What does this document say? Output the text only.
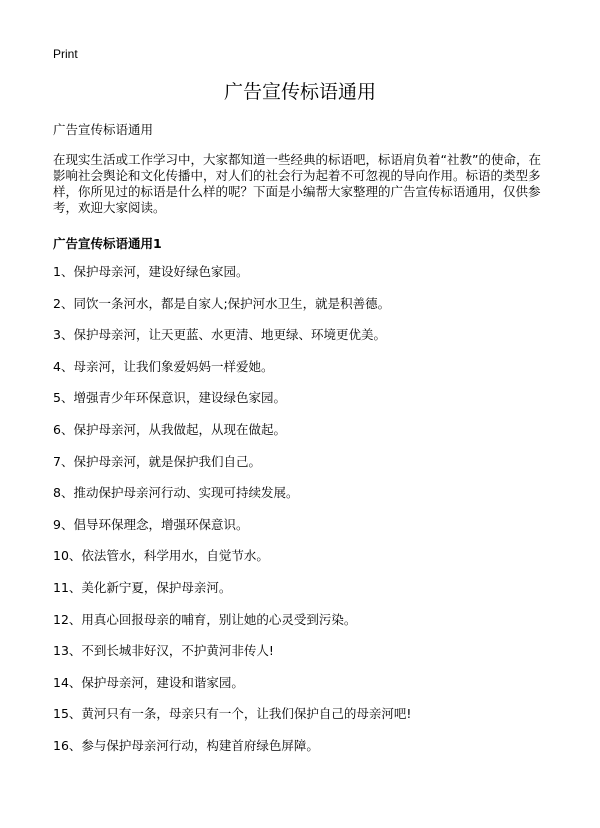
Print
广告宣传标语通用
广告宣传标语通用

在现实生活或工作学习中，大家都知道一些经典的标语吧，标语肩负着“社教”的使命，在影响社会舆论和文化传播中，对人们的社会行为起着不可忽视的导向作用。标语的类型多样，你所见过的标语是什么样的呢？下面是小编帮大家整理的广告宣传标语通用，仅供参考，欢迎大家阅读。

广告宣传标语通用1
1、保护母亲河，建设好绿色家园。
2、同饮一条河水，都是自家人;保护河水卫生，就是积善德。
3、保护母亲河，让天更蓝、水更清、地更绿、环境更优美。
4、母亲河，让我们象爱妈妈一样爱她。
5、增强青少年环保意识，建设绿色家园。
6、保护母亲河，从我做起，从现在做起。
7、保护母亲河，就是保护我们自己。
8、推动保护母亲河行动、实现可持续发展。
9、倡导环保理念，增强环保意识。
10、依法管水，科学用水，自觉节水。
11、美化新宁夏，保护母亲河。
12、用真心回报母亲的哺育，别让她的心灵受到污染。
13、不到长城非好汉，不护黄河非传人!
14、保护母亲河，建设和谐家园。
15、黄河只有一条，母亲只有一个，让我们保护自己的母亲河吧!
16、参与保护母亲河行动，构建首府绿色屏障。
